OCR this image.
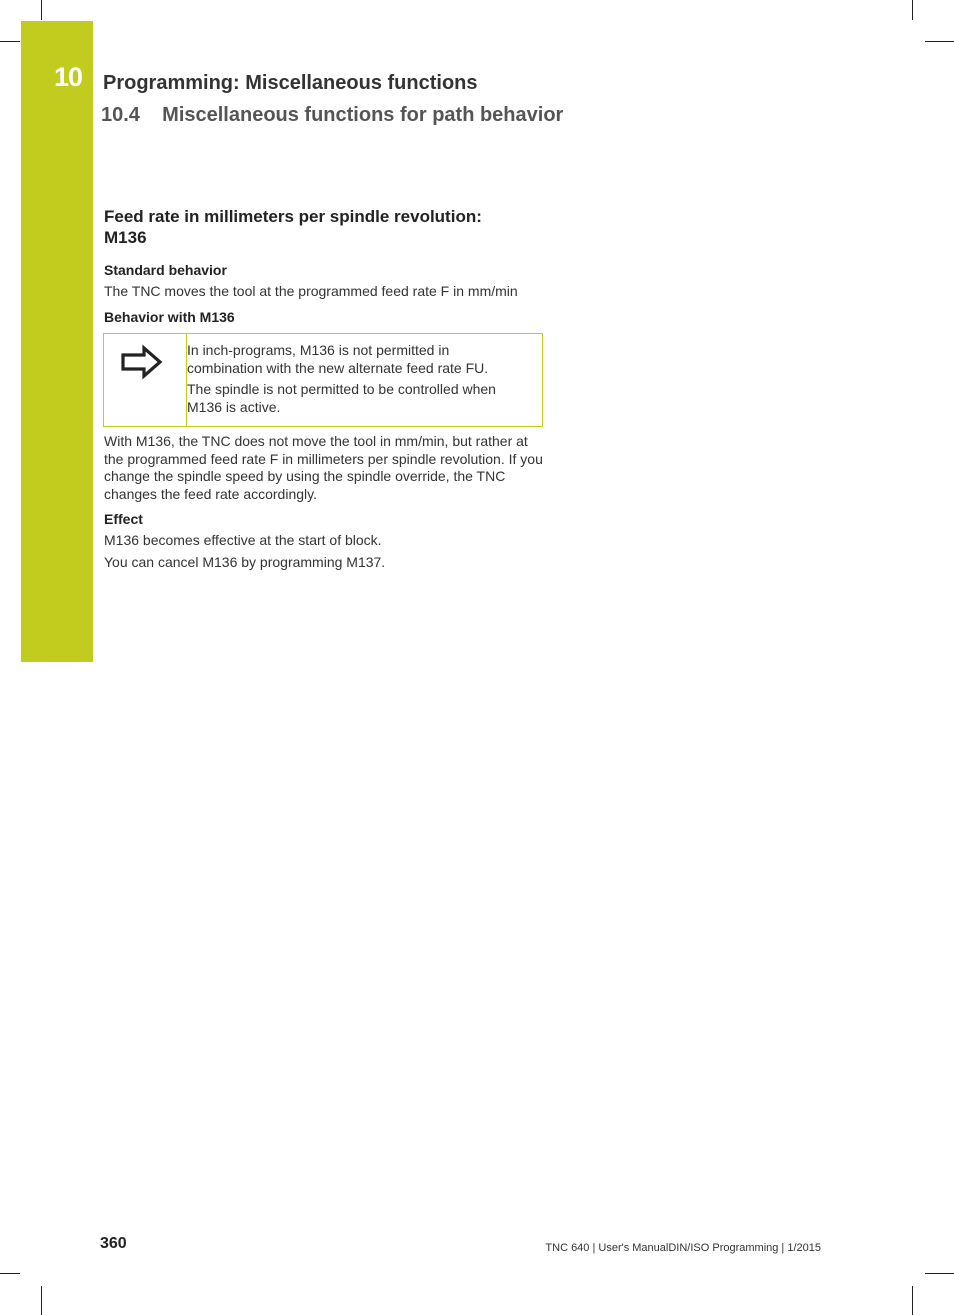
10 Programming: Miscellaneous functions
10.4    Miscellaneous functions for path behavior
Feed rate in millimeters per spindle revolution:
M136
Standard behavior

The TNC moves the tool at the programmed feed rate F in mm/min

Behavior with M136

In inch-programs, M136 is not permitted in combination with the new alternate feed rate FU.

The spindle is not permitted to be controlled when M136 is active.

With M136, the TNC does not move the tool in mm/min, but rather at the programmed feed rate F in millimeters per spindle revolution. If you change the spindle speed by using the spindle override, the TNC changes the feed rate accordingly.

Effect

M136 becomes effective at the start of block.

You can cancel M136 by programming M137.

360	TNC 640 | User's ManualDIN/ISO Programming | 1/2015
